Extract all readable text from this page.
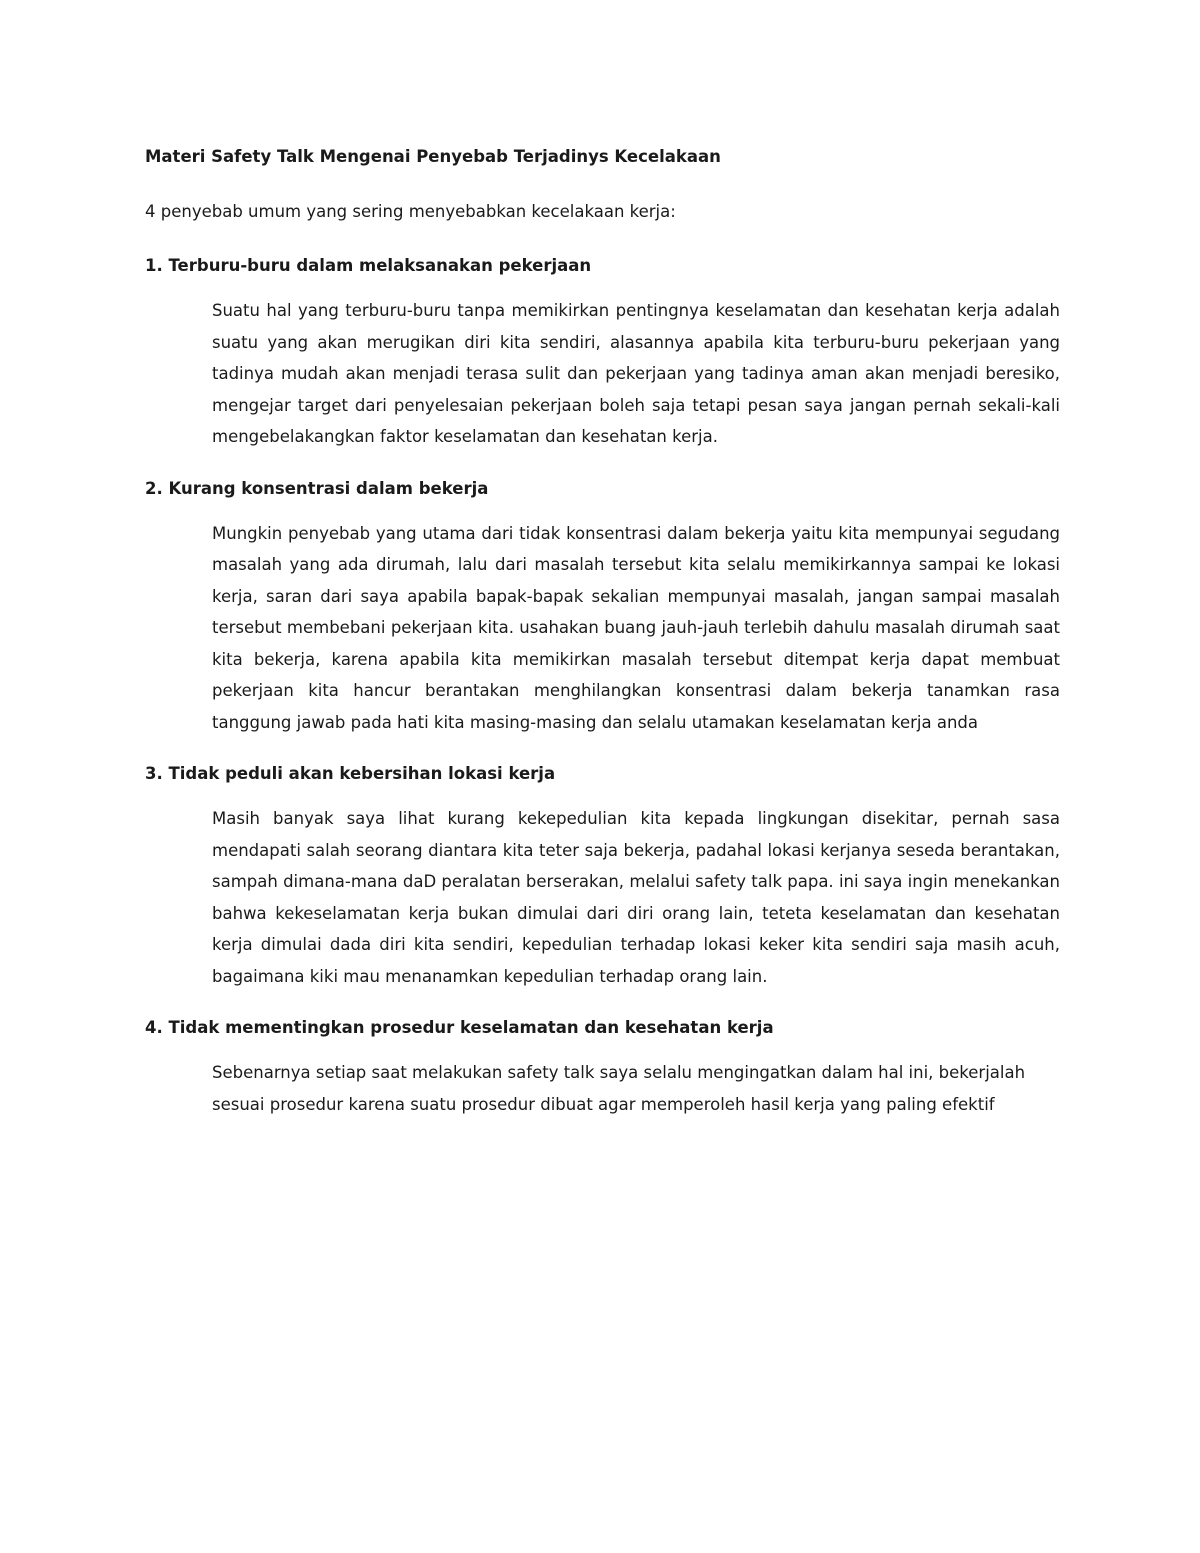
Materi Safety Talk Mengenai Penyebab Terjadinys Kecelakaan
4 penyebab umum yang sering menyebabkan kecelakaan kerja:
1. Terburu-buru dalam melaksanakan pekerjaan
Suatu hal yang terburu-buru tanpa memikirkan pentingnya keselamatan dan kesehatan kerja adalah suatu yang akan merugikan diri kita sendiri, alasannya apabila kita terburu-buru pekerjaan yang tadinya mudah akan menjadi terasa sulit dan pekerjaan yang tadinya aman akan menjadi beresiko, mengejar target dari penyelesaian pekerjaan boleh saja tetapi pesan saya jangan pernah sekali-kali mengebelakangkan faktor keselamatan dan kesehatan kerja.
2. Kurang konsentrasi dalam bekerja
Mungkin penyebab yang utama dari tidak konsentrasi dalam bekerja yaitu kita mempunyai segudang masalah yang ada dirumah, lalu dari masalah tersebut kita selalu memikirkannya sampai ke lokasi kerja, saran dari saya apabila bapak-bapak sekalian mempunyai masalah, jangan sampai masalah tersebut membebani pekerjaan kita. usahakan buang jauh-jauh terlebih dahulu masalah dirumah saat kita bekerja, karena apabila kita memikirkan masalah tersebut ditempat kerja dapat membuat pekerjaan kita hancur berantakan menghilangkan konsentrasi dalam bekerja tanamkan rasa tanggung jawab pada hati kita masing-masing dan selalu utamakan keselamatan kerja anda
3. Tidak peduli akan kebersihan lokasi kerja
Masih banyak saya lihat kurang kekepedulian kita kepada lingkungan disekitar, pernah sasa mendapati salah seorang diantara kita teter saja bekerja, padahal lokasi kerjanya seseda berantakan, sampah dimana-mana daD peralatan berserakan, melalui safety talk papa. ini saya ingin menekankan bahwa kekeselamatan kerja bukan dimulai dari diri orang lain, teteta keselamatan dan kesehatan kerja dimulai dada diri kita sendiri, kepedulian terhadap lokasi keker kita sendiri saja masih acuh, bagaimana kiki mau menanamkan kepedulian terhadap orang lain.
4. Tidak mementingkan prosedur keselamatan dan kesehatan kerja
Sebenarnya setiap saat melakukan safety talk saya selalu mengingatkan dalam hal ini, bekerjalah sesuai prosedur karena suatu prosedur dibuat agar memperoleh hasil kerja yang paling efektif
